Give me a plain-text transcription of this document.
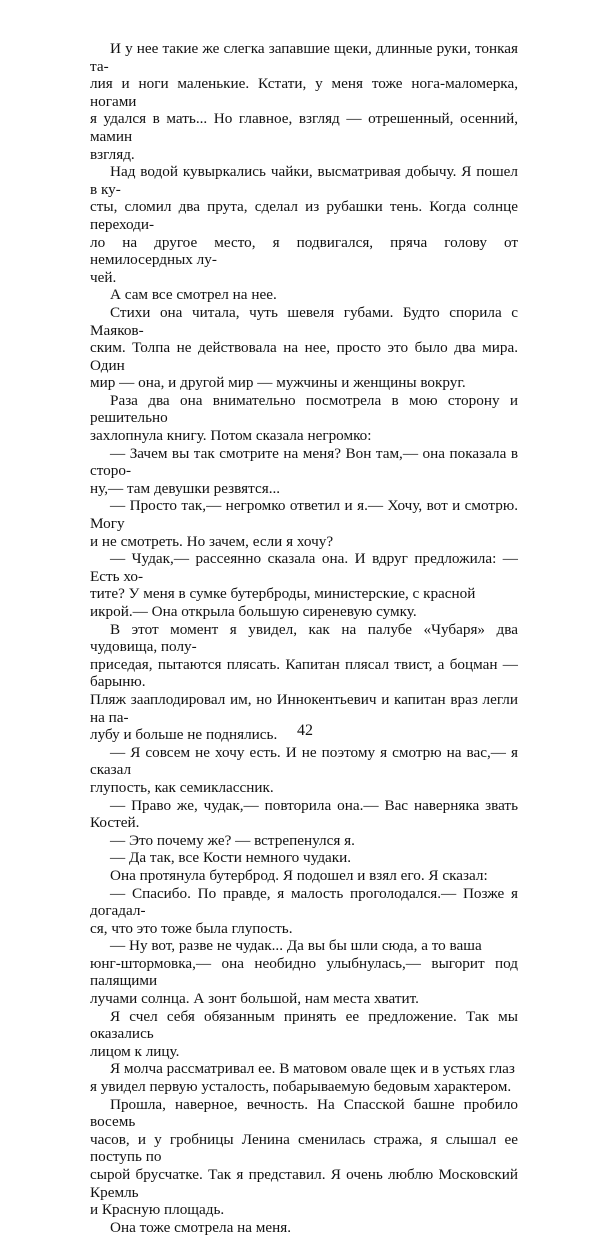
И у нее такие же слегка запавшие щеки, длинные руки, тонкая та-
лия и ноги маленькие. Кстати, у меня тоже нога-маломерка, ногами
я удался в мать... Но главное, взгляд — отрешенный, осенний, мамин
взгляд.

Над водой кувыркались чайки, высматривая добычу. Я пошел в ку-
сты, сломил два прута, сделал из рубашки тень. Когда солнце переходи-
ло на другое место, я подвигался, пряча голову от немилосердных лу-
чей.

А сам все смотрел на нее.

Стихи она читала, чуть шевеля губами. Будто спорила с Маяков-
ским. Толпа не действовала на нее, просто это было два мира. Один
мир — она, и другой мир — мужчины и женщины вокруг.

Раза два она внимательно посмотрела в мою сторону и решительно
захлопнула книгу. Потом сказала негромко:

— Зачем вы так смотрите на меня? Вон там,— она показала в сторо-
ну,— там девушки резвятся...

— Просто так,— негромко ответил и я.— Хочу, вот и смотрю. Могу
и не смотреть. Но зачем, если я хочу?

— Чудак,— рассеянно сказала она. И вдруг предложила: — Есть хо-
тите? У меня в сумке бутерброды, министерские, с красной
икрой.— Она открыла большую сиреневую сумку.

В этот момент я увидел, как на палубе «Чубаря» два чудовища, полу-
приседая, пытаются плясать. Капитан плясал твист, а боцман — барыню.
Пляж зааплодировал им, но Иннокентьевич и капитан враз легли на па-
лубу и больше не поднялись.

— Я совсем не хочу есть. И не поэтому я смотрю на вас,— я сказал
глупость, как семиклассник.

— Право же, чудак,— повторила она.— Вас наверняка звать Костей.

— Это почему же? — встрепенулся я.

— Да так, все Кости немного чудаки.

Она протянула бутерброд. Я подошел и взял его. Я сказал:

— Спасибо. По правде, я малость проголодался.— Позже я догадал-
ся, что это тоже была глупость.

— Ну вот, разве не чудак... Да вы бы шли сюда, а то ваша
юнг-штормовка,— она необидно улыбнулась,— выгорит под палящими
лучами солнца. А зонт большой, нам места хватит.

Я счел себя обязанным принять ее предложение. Так мы оказались
лицом к лицу.

Я молча рассматривал ее. В матовом овале щек и в устьях глаз
я увидел первую усталость, побарываемую бедовым характером.

Прошла, наверное, вечность. На Спасской башне пробило восемь
часов, и у гробницы Ленина сменилась стража, я слышал ее поступь по
сырой брусчатке. Так я представил. Я очень люблю Московский Кремль
и Красную площадь.

Она тоже смотрела на меня.

42
